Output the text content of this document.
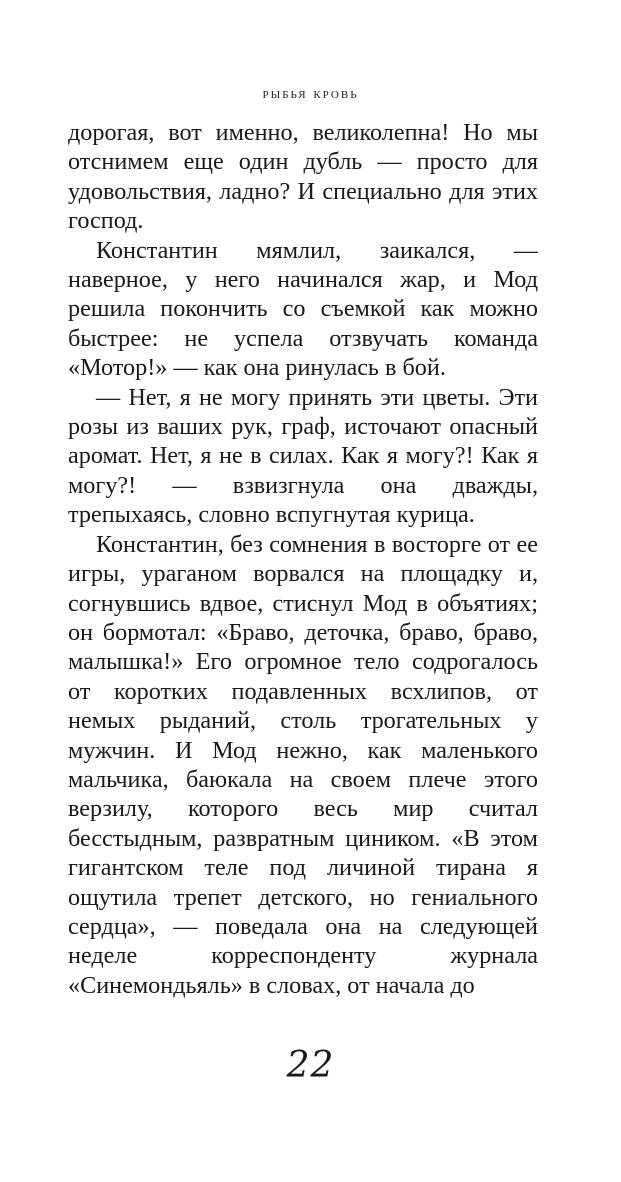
рыбья кровь

дорогая, вот именно, великолепна! Но мы отснимем еще один дубль — просто для удовольствия, ладно? И специально для этих господ.

Константин мямлил, заикался, — наверное, у него начинался жар, и Мод решила покончить со съемкой как можно быстрее: не успела отзвучать команда «Мотор!» — как она ринулась в бой.

— Нет, я не могу принять эти цветы. Эти розы из ваших рук, граф, источают опасный аромат. Нет, я не в силах. Как я могу?! Как я могу?! — взвизгнула она дважды, трепыхаясь, словно вспугнутая курица.

Константин, без сомнения в восторге от ее игры, ураганом ворвался на площадку и, согнувшись вдвое, стиснул Мод в объятиях; он бормотал: «Браво, деточка, браво, браво, малышка!» Его огромное тело содрогалось от коротких подавленных всхлипов, от немых рыданий, столь трогательных у мужчин. И Мод нежно, как маленького мальчика, баюкала на своем плече этого верзилу, которого весь мир считал бесстыдным, развратным циником. «В этом гигантском теле под личиной тирана я ощутила трепет детского, но гениального сердца», — поведала она на следующей неделе корреспонденту журнала «Синемондьяль» в словах, от начала до

22
